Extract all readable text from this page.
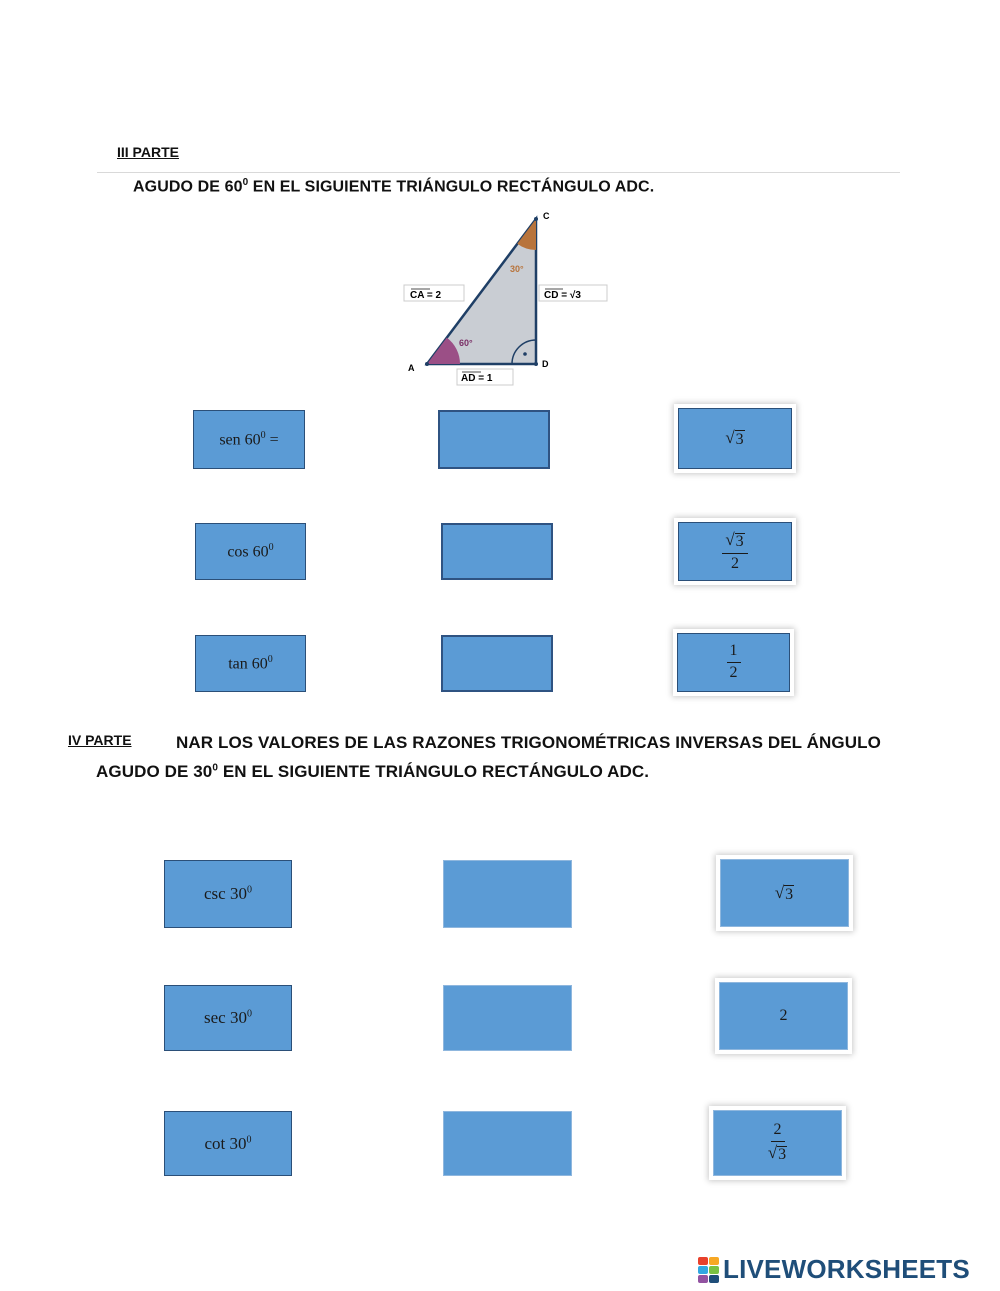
III PARTE
AGUDO DE $60^0$ EN EL SIGUIENTE TRIÁNGULO RECTÁNGULO ADC.
C
A	D
30°
60°
CA = 2	CD = √3
AD = 1
sen $60^0$ =	√ 3
$\cos 60^0$	$\frac{√ 3}{2}$
$\tan 60^0$	$\frac{1}{2}$
IV PARTE	NAR LOS VALORES DE LAS RAZONES TRIGONOMÉTRICAS INVERSAS DEL ÁNGULO
AGUDO DE $30^0$ EN EL SIGUIENTE TRIÁNGULO RECTÁNGULO ADC.
$\csc 30^0$	√ 3
$\sec 30^0$	2
$\cot 30^0$	$\frac{2}{√ 3}$
LIVEWORKSHEETS
